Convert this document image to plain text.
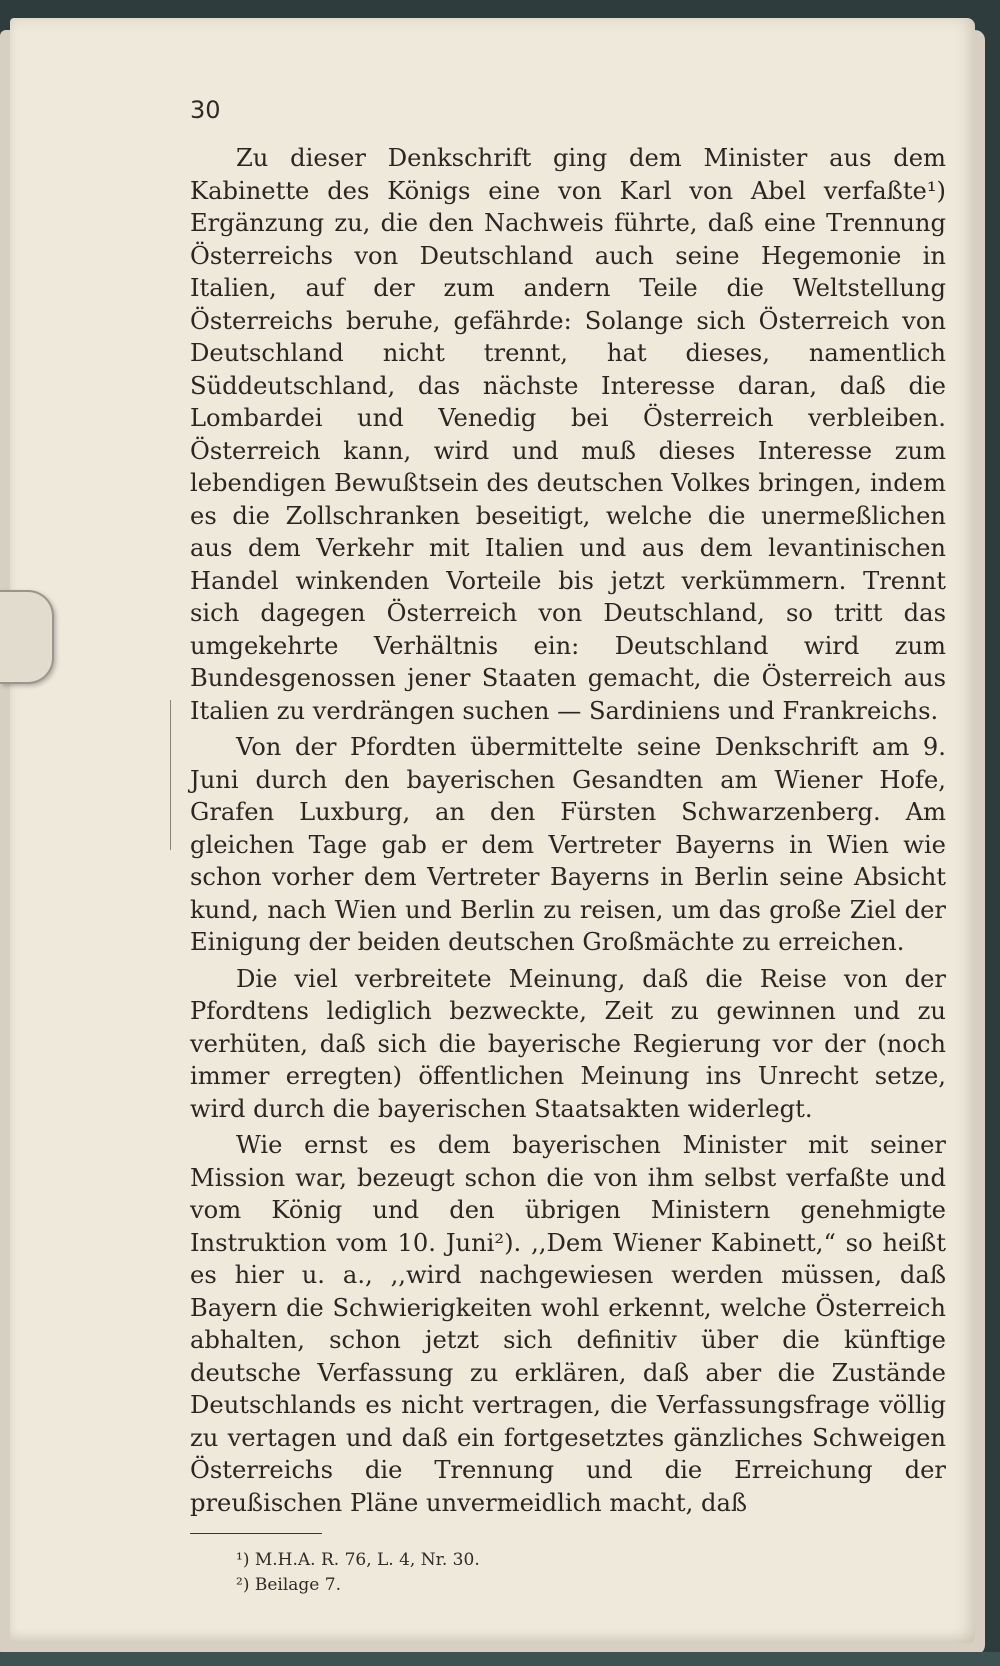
30

Zu dieser Denkschrift ging dem Minister aus dem Kabinette des Königs eine von Karl von Abel verfaßte¹) Ergänzung zu, die den Nachweis führte, daß eine Trennung Österreichs von Deutschland auch seine Hegemonie in Italien, auf der zum andern Teile die Weltstellung Österreichs beruhe, gefährde: Solange sich Österreich von Deutschland nicht trennt, hat dieses, namentlich Süddeutschland, das nächste Interesse daran, daß die Lombardei und Venedig bei Österreich verbleiben. Österreich kann, wird und muß dieses Interesse zum lebendigen Bewußtsein des deutschen Volkes bringen, indem es die Zollschranken beseitigt, welche die unermeßlichen aus dem Verkehr mit Italien und aus dem levantinischen Handel winkenden Vorteile bis jetzt verkümmern. Trennt sich dagegen Österreich von Deutschland, so tritt das umgekehrte Verhältnis ein: Deutschland wird zum Bundesgenossen jener Staaten gemacht, die Österreich aus Italien zu verdrängen suchen — Sardiniens und Frankreichs.

Von der Pfordten übermittelte seine Denkschrift am 9. Juni durch den bayerischen Gesandten am Wiener Hofe, Grafen Luxburg, an den Fürsten Schwarzenberg. Am gleichen Tage gab er dem Vertreter Bayerns in Wien wie schon vorher dem Vertreter Bayerns in Berlin seine Absicht kund, nach Wien und Berlin zu reisen, um das große Ziel der Einigung der beiden deutschen Großmächte zu erreichen.

Die viel verbreitete Meinung, daß die Reise von der Pfordtens lediglich bezweckte, Zeit zu gewinnen und zu verhüten, daß sich die bayerische Regierung vor der (noch immer erregten) öffentlichen Meinung ins Unrecht setze, wird durch die bayerischen Staatsakten widerlegt.

Wie ernst es dem bayerischen Minister mit seiner Mission war, bezeugt schon die von ihm selbst verfaßte und vom König und den übrigen Ministern genehmigte Instruktion vom 10. Juni²). ,,Dem Wiener Kabinett,“ so heißt es hier u. a., ,,wird nachgewiesen werden müssen, daß Bayern die Schwierigkeiten wohl erkennt, welche Österreich abhalten, schon jetzt sich definitiv über die künftige deutsche Verfassung zu erklären, daß aber die Zustände Deutschlands es nicht vertragen, die Verfassungsfrage völlig zu vertagen und daß ein fortgesetztes gänzliches Schweigen Österreichs die Trennung und die Erreichung der preußischen Pläne unvermeidlich macht, daß

¹) M.H.A. R. 76, L. 4, Nr. 30.
²) Beilage 7.
